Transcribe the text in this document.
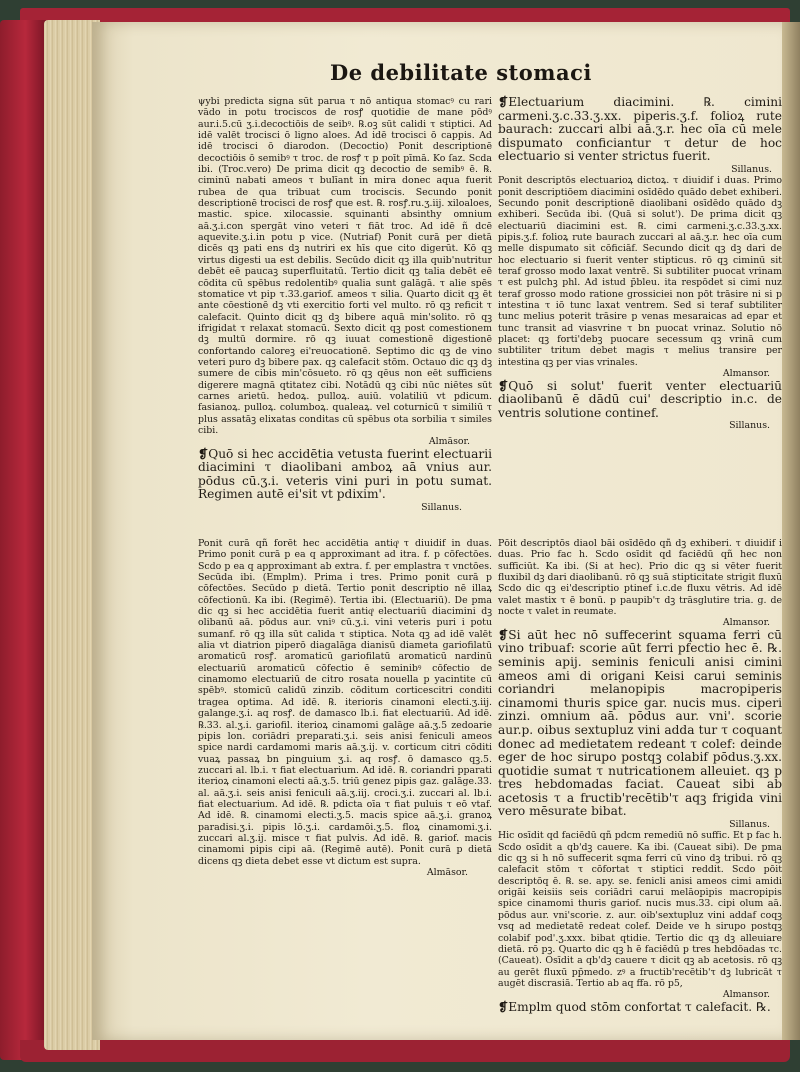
De debilitate stomaci

ψybi predicta signa sūt parua τ nō antiqua stomacꝰ cu rari vādo in potu trociscos de rosꝭ quotidie de mane pōdꝰ aur.i.5.cū ʒ.i.decoctiōis de seibꝰ. ℞.oꝫ sūt calidi τ stiptici. Ad idē valēt trocisci ō ligno aloes. Ad idē trocisci ō cappis. Ad idē trocisci ō diarodon. (Decoctio) Ponit descriptionē decoctiōis ō semibꝰ τ troc. de rosꝭ τ p poīt pīmā. Ko ſaz. Scda ibi. (Troc.vero) De prima dicit qꝫ decoctio de semibꝰ ē. ℞. ciminū nabati ameos τ bulīant in mira donec aqua fuerit rubea de qua tribuat cum trociscis. Secundo ponit descriptionē trocisci de rosꝭ que est. ℞. rosꝭ.ru.ʒ.iij. xiloaloes, mastic. spice. xilocassie. squinanti absinthy omnium aā.ʒ.i.con spergāt vino veteri τ fiāt troc. Ad idē ñ dcē aquevite.ʒ.i.in potu p vice. (Nutriaf) Ponit curā per dietā dicēs qꝫ pati ens dꝫ nutriri ex hīs que cito digerūt. Kō qꝫ virtus digesti ua est debilis. Secūdo dicit qꝫ illa quib'nutritur debēt eē paucaꝫ superfluitatū. Tertio dicit qꝫ talia debēt eē cōdita cū spēbus redolentibꝰ qualia sunt galāgā. τ alie spēs stomatice vt pip τ.33.gariof. ameos τ silia. Quarto dicit qꝫ ēt ante cōestionē dꝫ vti exercitio forti vel multo. rō qꝫ reficit τ calefacit. Quinto dicit qꝫ dꝫ bibere aquā min'solito. rō qꝫ ifrigidat τ relaxat stomacū. Sexto dicit qꝫ post comestionem dꝫ multū dormire. rō qꝫ iuuat comestionē digestionē confortando caloreꝫ ei'reuocationē. Septimo dic qꝫ de vino veteri puro dꝫ bibere pax. qꝫ calefacit stōm. Octauo dic qꝫ dꝫ sumere de cibis min'cōsueto. rō qꝫ qēus non eēt sufficiens digerere magnā qtitatez cibi. Notādū qꝫ cibi nūc niētes sūt carnes arietū. hedoꝝ. pulloꝝ. auiū. volatiliū vt pdicum. fasianoꝝ. pulloꝝ. columboꝝ. qualeaꝝ. vel coturnicū τ similiū τ plus assatāꝫ elixatas conditas cū spēbus ota sorbilia τ similes cibi.

Almāsor.

❡Quō si hec accidētia vetusta fuerint electuarii diacimini τ diaolibani amboꝝ aā vnius aur. pōdus cū.ʒ.i. veteris vini puri in potu sumat. Regimen autē ei'sit vt pdixim'.

Sillanus.

Ponit curā qñ forēt hec accidētia antiqͣ τ diuidif in duas. Primo ponit curā p ea q approximant ad itra. f. p cōfectōes. Scdo p ea q approximant ab extra. f. per emplastra τ vnctōes. Secūda ibi. (Emplm). Prima i tres. Primo ponit curā p cōfectōes. Secūdo p dietā. Tertio ponit descriptio nē illaꝝ cōfectionū. Ka ibi. (Regimē). Tertia ibi. (Electuariū). De pma dic qꝫ si hec accidētia fuerit antiqͣ electuariū diacimini dꝫ olibanū aā. pōdus aur. vniꝰ cū.ʒ.i. vini veteris puri i potu sumanf. rō qꝫ illa sūt calida τ stiptica. Nota qꝫ ad idē valēt alia vt diatrion piperō diagalāga dianisū diameta gariofilatū aromaticū rosꝭ. aromaticū gariofilatū aromaticū nardinū electuariū aromaticū cōfectio ē seminibꝰ cōfectio de cinamomo electuariū de citro rosata nouella p yacintite cū spēbꝰ. stomicū calidū zinzib. cōditum corticescitri conditi tragea optima. Ad idē. ℞. iterioris cinamoni electi.ʒ.iij. galange.ʒ.i. aq rosꝭ. de damasco lb.i. fiat electuariū. Ad idē. ℞.33. al.ʒ.i. gariofil. iterioꝝ cinamomi galāge aā.ʒ.5 zedoarie pipis lon. coriādri preparati.ʒ.i. seis anisi feniculi ameos spice nardi cardamomi maris aā.ʒ.ij. v. corticum citri cōditi vuaꝝ passaꝝ bn pinguium ʒ.i. aq rosꝭ. ō damasco qꝫ.5. zuccari al. lb.i. τ fiat electuarium. Ad idē. ℞. coriandri pparati iterioꝝ cinamoni electi aā.ʒ.5. triū genez pipis gaz. galāge.33. al. aā.ʒ.i. seis anisi feniculi aā.ʒ.iij. croci.ʒ.i. zuccari al. lb.i. fiat electuarium. Ad idē. ℞. pdicta oīa τ fiat puluis τ eō vtaf. Ad idē. ℞. cinamomi electi.ʒ.5. macis spice aā.ʒ.i. granoꝝ paradisi.ʒ.i. pipis lō.ʒ.i. cardamōi.ʒ.5. floꝝ cinamomi.ʒ.i. zuccari al.ʒ.ij. misce τ fiat pulvis. Ad idē. ℞. gariof. macis cinamomi pipis cipi aā. (Regimē autē). Ponit curā p dietā dicens qꝫ dieta debet esse vt dictum est supra.

Almāsor.

❡Electuarium diacimini. ℞. cimini carmeni.ʒ.c.33.ʒ.xx. piperis.ʒ.f. folioꝝ rute baurach: zuccari albi aā.ʒ.r. hec oīa cū mele dispumato conficiantur τ detur de hoc electuario si venter strictus fuerit.

Sillanus.

Ponit descriptōs electuarioꝝ dictoꝝ. τ diuidif i duas. Primo ponit descriptiōem diacimini osīdēdo quādo debet exhiberi. Secundo ponit descriptionē diaolibani osīdēdo quādo dꝫ exhiberi. Secūda ibi. (Quā si solut'). De prima dicit qꝫ electuariū diacimini est. ℞. cimi carmeni.ʒ.c.33.ʒ.xx. pipis.ʒ.f. folioꝝ rute baurach zuccari al aā.ʒ.r. hec oīa cum melle dispumato sit cōficiāf. Secundo dicit qꝫ dꝫ dari de hoc electuario si fuerit venter stipticus. rō qꝫ ciminū sit teraf grosso modo laxat ventrē. Si subtiliter puocat vrinam τ est pulchꝫ phl. Ad istud p̄bleu. ita respōdet si cimi nuz teraf grosso modo ratione grossiciei non pōt trāsire ni si p intestina τ iō tunc laxat ventrem. Sed si teraf subtiliter tunc melius poterit trāsire p venas mesaraicas ad epar et tunc transit ad viasvrine τ bn puocat vrinaz. Solutio nō placet: qꝫ forti'debꝫ puocare secessum qꝫ vrinā cum subtiliter tritum debet magis τ melius transire per intestina qꝫ per vias vrinales.

Almansor.

❡Quō si solut' fuerit venter electuariū diaolibanū ē dādū cui' descriptio in.c. de ventris solutione continef.

Sillanus.

Pōit descriptōs diaol bāi osīdēdo qñ dꝫ exhiberi. τ diuidif i duas. Prio fac h. Scdo osīdit qd faciēdū qñ hec non sufficiūt. Ka ibi. (Si at hec). Prio dic qꝫ si vēter fuerit fluxibil dꝫ dari diaolibanū. rō qꝫ suā stipticitate strigit fluxū Scdo dic qꝫ ei'descriptio ptinef i.c.de fluxu vētris. Ad idē valet mastix τ ē bonū. p paupib'τ dꝫ trāsglutire tria. g. de nocte τ valet in reumate.

Almansor.

❡Si aūt hec nō suffecerint squama ferri cū vino tribuaf: scorie aūt ferri pfectio hec ē. ℞. seminis apij. seminis feniculi anisi cimini ameos ami di origani Keisi carui seminis coriandri melanopipis macropiperis cinamomi thuris spice gar. nucis mus. ciperi zinzi. omnium aā. pōdus aur. vni'. scorie aur.p. oibus sextupluz vini adda tur τ coquant donec ad medietatem redeant τ colef: deinde eger de hoc sirupo postqꝫ colabif pōdus.ʒ.xx. quotidie sumat τ nutricationem alleuiet. qꝫ p tres hebdomadas faciat. Caueat sibi ab acetosis τ a fructib'recētib'τ aqꝫ frigida vini vero mēsurate bibat.

Sillanus.

Hic osīdit qd faciēdū qñ pdcm remediū nō suffic. Et p fac h. Scdo osīdit a qb'dꝫ cauere. Ka ibi. (Caueat sibi). De pma dic qꝫ si h nō suffecerit sqma ferri cū vino dꝫ tribui. rō qꝫ calefacit stōm τ cōfortat τ stiptici reddit. Scdo pōit descriptōq ē. ℞. se. apy. se. fenicli anisi ameos cimi amidi origāi keisiis seis coriādri carui melāopipis macropipis spice cinamomi thuris gariof. nucis mus.33. cipi olum aā. pōdus aur. vni'scorie. z. aur. oib'sextupluz vini addaf coqꝫ vsq ad medietatē redeat colef. Deide ve h sirupo postqꝫ colabif pod'.ʒ.xxx. bibat qtidie. Tertio dic qꝫ dꝫ alleuiare dietā. rō pꝫ. Quarto dic qꝫ h ē faciēdū p tres hebdōadas τc. (Caueat). Osīdit a qb'dꝫ cauere τ dicit qꝫ ab acetosis. rō qꝫ au gerēt fluxū pp̄medo. zꝰ a fructib'recētib'τ dꝫ lubricāt τ augēt discrasiā. Tertio ab aq ffa. rō p5,

Almansor.

❡Emplm quod stōm confortat τ calefacit. ℞.
